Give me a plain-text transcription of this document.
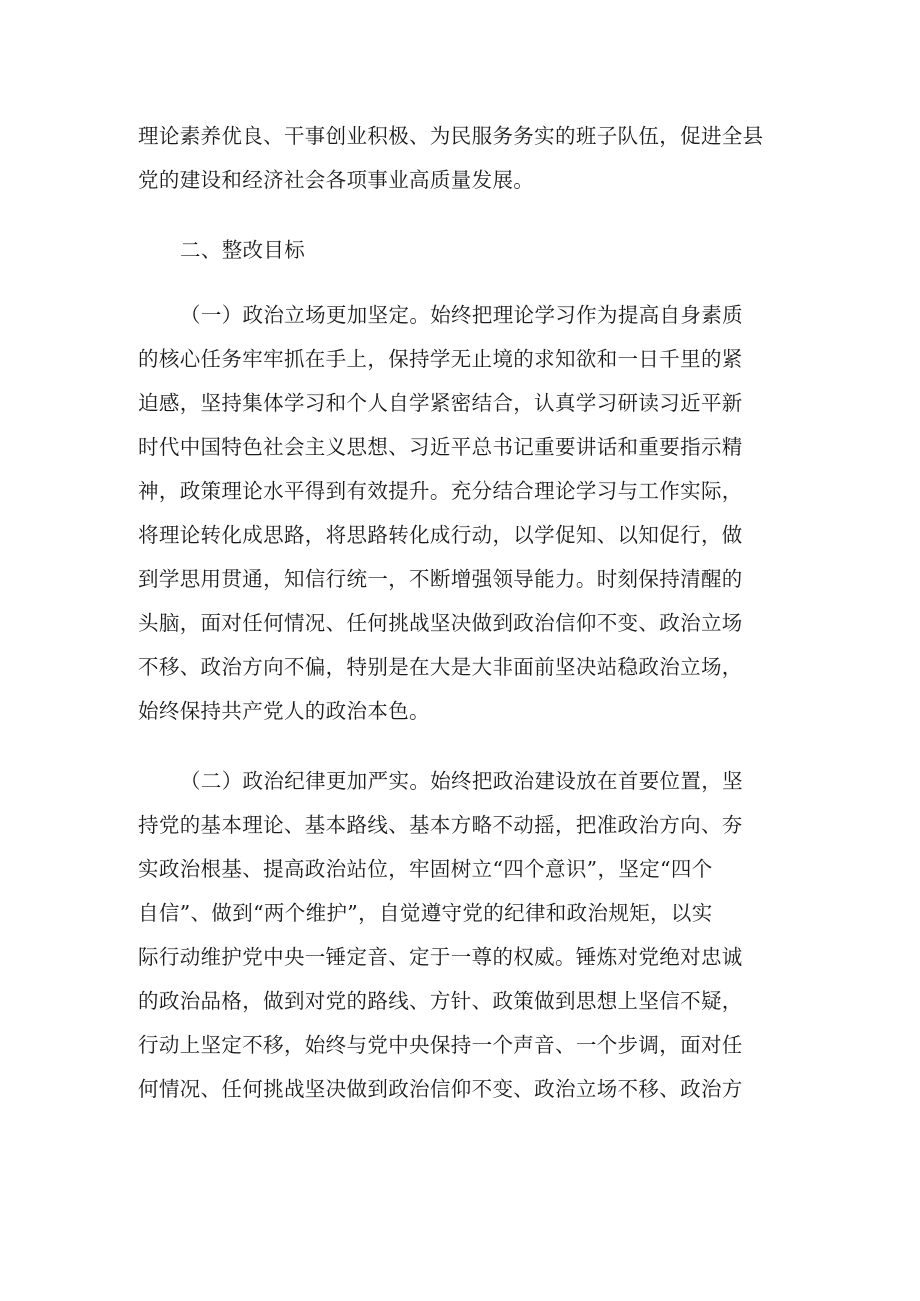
理论素养优良、干事创业积极、为民服务务实的班子队伍，促进全县

党的建设和经济社会各项事业高质量发展。

二、整改目标

（一）政治立场更加坚定。始终把理论学习作为提高自身素质

的核心任务牢牢抓在手上，保持学无止境的求知欲和一日千里的紧

迫感，坚持集体学习和个人自学紧密结合，认真学习研读习近平新

时代中国特色社会主义思想、习近平总书记重要讲话和重要指示精

神，政策理论水平得到有效提升。充分结合理论学习与工作实际，

将理论转化成思路，将思路转化成行动，以学促知、以知促行，做

到学思用贯通，知信行统一，不断增强领导能力。时刻保持清醒的

头脑，面对任何情况、任何挑战坚决做到政治信仰不变、政治立场

不移、政治方向不偏，特别是在大是大非面前坚决站稳政治立场，

始终保持共产党人的政治本色。

（二）政治纪律更加严实。始终把政治建设放在首要位置，坚

持党的基本理论、基本路线、基本方略不动摇，把准政治方向、夯

实政治根基、提高政治站位，牢固树立“四个意识”，坚定“四个

自信”、做到“两个维护”，自觉遵守党的纪律和政治规矩，以实

际行动维护党中央一锤定音、定于一尊的权威。锤炼对党绝对忠诚

的政治品格，做到对党的路线、方针、政策做到思想上坚信不疑，

行动上坚定不移，始终与党中央保持一个声音、一个步调，面对任

何情况、任何挑战坚决做到政治信仰不变、政治立场不移、政治方
